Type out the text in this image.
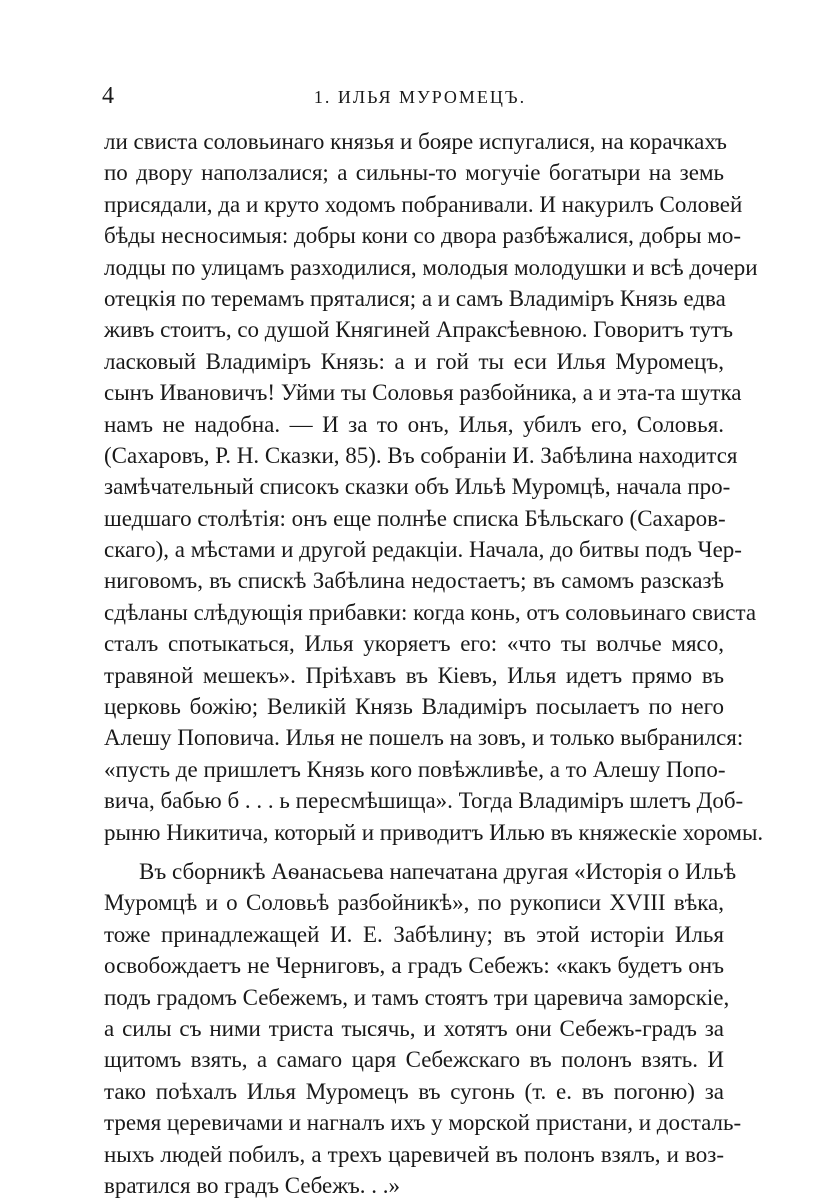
4	1. ИЛЬЯ МУРОМЕЦЪ.
ли свиста соловьинаго князья и бояре испугалися, на корачкахъ
по двору наползалися; а сильны-то могучіе богатыри на земь
присядали, да и круто ходомъ побранивали. И накурилъ Соловей
бѣды несносимыя: добры кони со двора разбѣжалися, добры мо-
лодцы по улицамъ разходилися, молодыя молодушки и всѣ дочери
отецкія по теремамъ пряталися; а и самъ Владиміръ Князь едва
живъ стоитъ, со душой Княгиней Апраксѣевною. Говоритъ тутъ
ласковый Владиміръ Князь: а и гой ты еси Илья Муромецъ,
сынъ Ивановичъ! Уйми ты Соловья разбойника, а и эта-та шутка
намъ не надобна. — И за то онъ, Илья, убилъ его, Соловья.
(Сахаровъ, Р. Н. Сказки, 85). Въ собраніи И. Забѣлина находится
замѣчательный списокъ сказки объ Ильѣ Муромцѣ, начала про-
шедшаго столѣтія: онъ еще полнѣе списка Бѣльскаго (Сахаров-
скаго), а мѣстами и другой редакціи. Начала, до битвы подъ Чер-
ниговомъ, въ спискѣ Забѣлина недостаетъ; въ самомъ разсказѣ
сдѣланы слѣдующія прибавки: когда конь, отъ соловьинаго свиста
сталъ спотыкаться, Илья укоряетъ его: «что ты волчье мясо,
травяной мешекъ». Пріѣхавъ въ Кіевъ, Илья идетъ прямо въ
церковь божію; Великій Князь Владиміръ посылаетъ по него
Алешу Поповича. Илья не пошелъ на зовъ, и только выбранился:
«пусть де пришлетъ Князь кого повѣжливѣе, а то Алешу Попо-
вича, бабью б . . . ь пересмѣшища». Тогда Владиміръ шлетъ Доб-
рыню Никитича, который и приводитъ Илью въ княжескіе хоромы.
Въ сборникѣ Аѳанасьева напечатана другая «Исторія о Ильѣ
Муромцѣ и о Соловьѣ разбойникѣ», по рукописи XVIII вѣка,
тоже принадлежащей И. Е. Забѣлину; въ этой исторіи Илья
освобождаетъ не Черниговъ, а градъ Себежъ: «какъ будетъ онъ
подъ градомъ Себежемъ, и тамъ стоятъ три царевича заморскіе,
а силы съ ними триста тысячь, и хотятъ они Себежъ-градъ за
щитомъ взять, а самаго царя Себежскаго въ полонъ взять. И
тако поѣхалъ Илья Муромецъ въ сугонь (т. е. въ погоню) за
тремя церевичами и нагналъ ихъ у морской пристани, и досталь-
ныхъ людей побилъ, а трехъ царевичей въ полонъ взялъ, и воз-
вратился во градъ Себежъ. . .»
